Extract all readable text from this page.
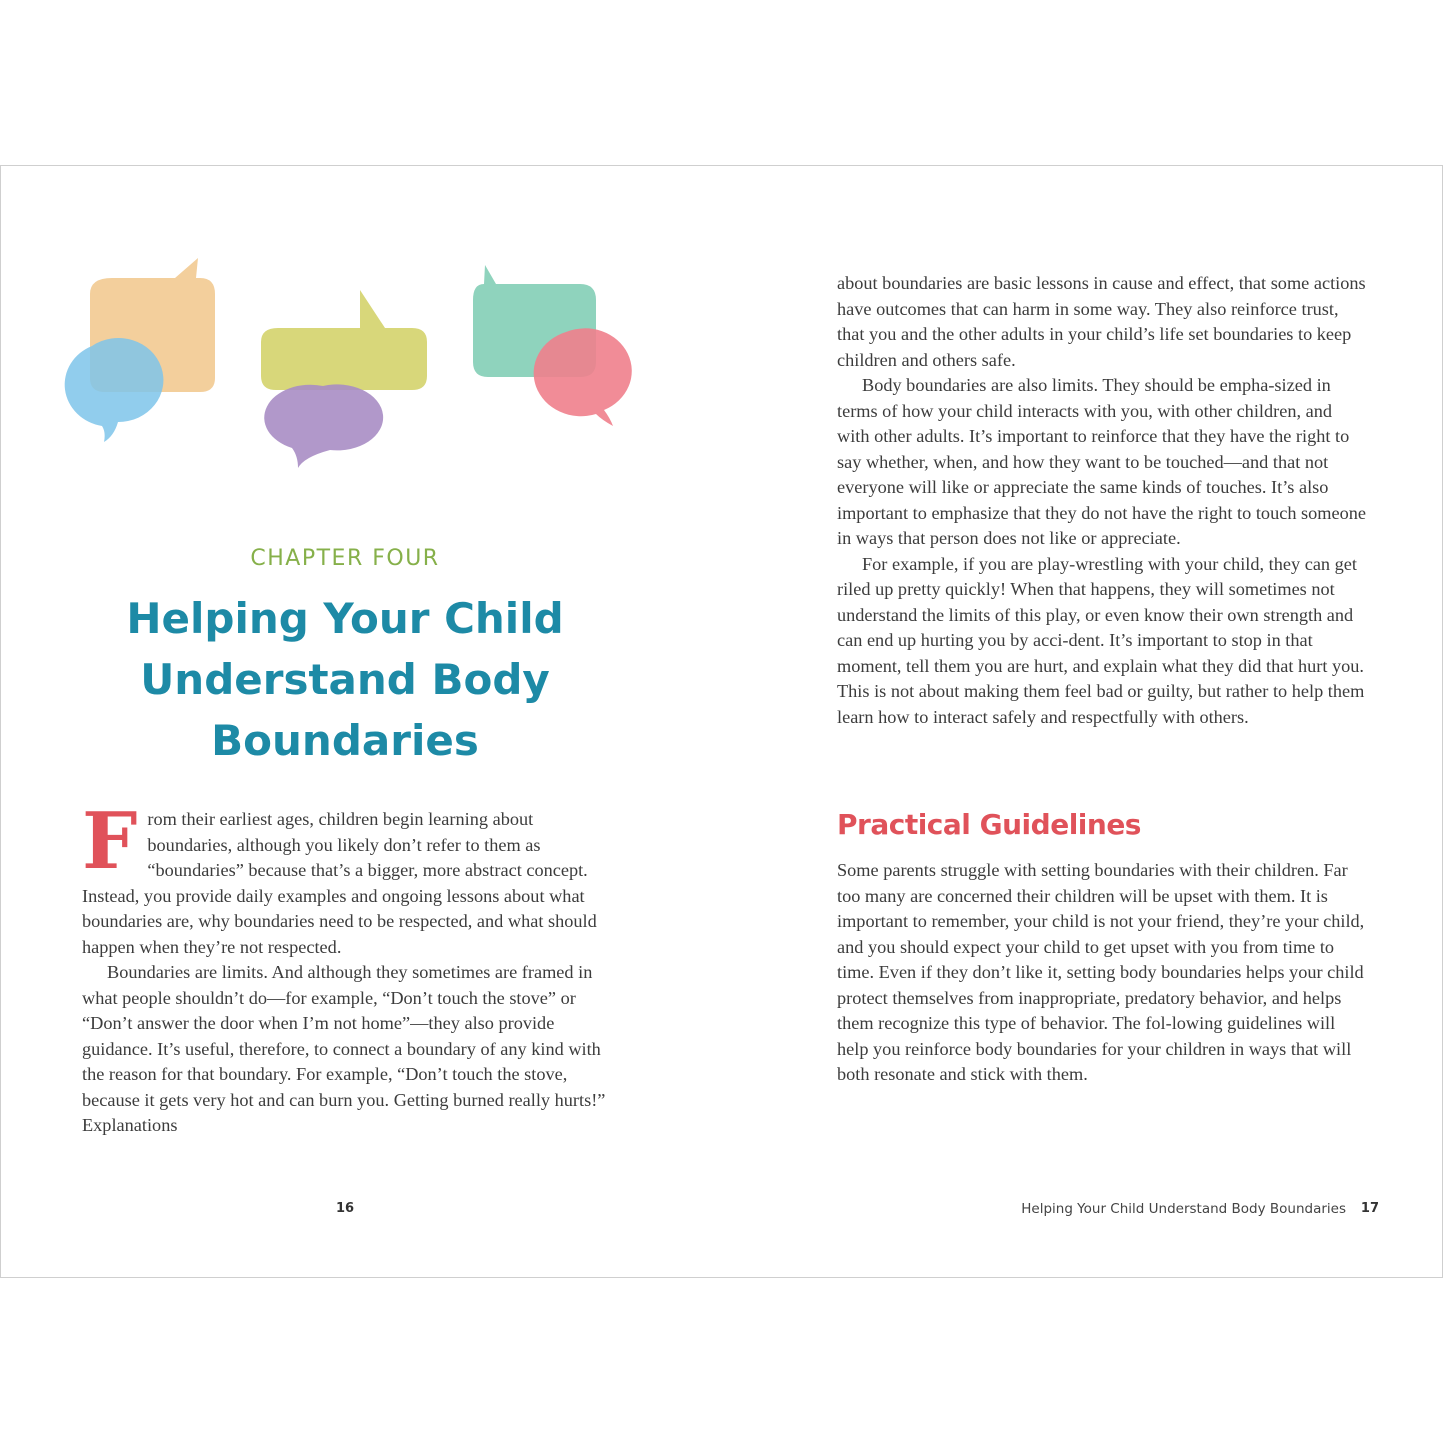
CHAPTER FOUR
Helping Your Child
Understand Body
Boundaries

From their earliest ages, children begin learning about boundaries, although you likely don’t refer to them as “boundaries” because that’s a bigger, more abstract concept. Instead, you provide daily examples and ongoing lessons about what boundaries are, why boundaries need to be respected, and what should happen when they’re not respected.

Boundaries are limits. And although they sometimes are framed in what people shouldn’t do—for example, “Don’t touch the stove” or “Don’t answer the door when I’m not home”—they also provide guidance. It’s useful, therefore, to connect a boundary of any kind with the reason for that boundary. For example, “Don’t touch the stove, because it gets very hot and can burn you. Getting burned really hurts!” Explanations

16

about boundaries are basic lessons in cause and effect, that some actions have outcomes that can harm in some way. They also reinforce trust, that you and the other adults in your child’s life set boundaries to keep children and others safe.

Body boundaries are also limits. They should be empha-sized in terms of how your child interacts with you, with other children, and with other adults. It’s important to reinforce that they have the right to say whether, when, and how they want to be touched—and that not everyone will like or appreciate the same kinds of touches. It’s also important to emphasize that they do not have the right to touch someone in ways that person does not like or appreciate.

For example, if you are play-wrestling with your child, they can get riled up pretty quickly! When that happens, they will sometimes not understand the limits of this play, or even know their own strength and can end up hurting you by acci-dent. It’s important to stop in that moment, tell them you are hurt, and explain what they did that hurt you. This is not about making them feel bad or guilty, but rather to help them learn how to interact safely and respectfully with others.

Practical Guidelines

Some parents struggle with setting boundaries with their children. Far too many are concerned their children will be upset with them. It is important to remember, your child is not your friend, they’re your child, and you should expect your child to get upset with you from time to time. Even if they don’t like it, setting body boundaries helps your child protect themselves from inappropriate, predatory behavior, and helps them recognize this type of behavior. The fol-lowing guidelines will help you reinforce body boundaries for your children in ways that will both resonate and stick with them.

Helping Your Child Understand Body Boundaries 17
